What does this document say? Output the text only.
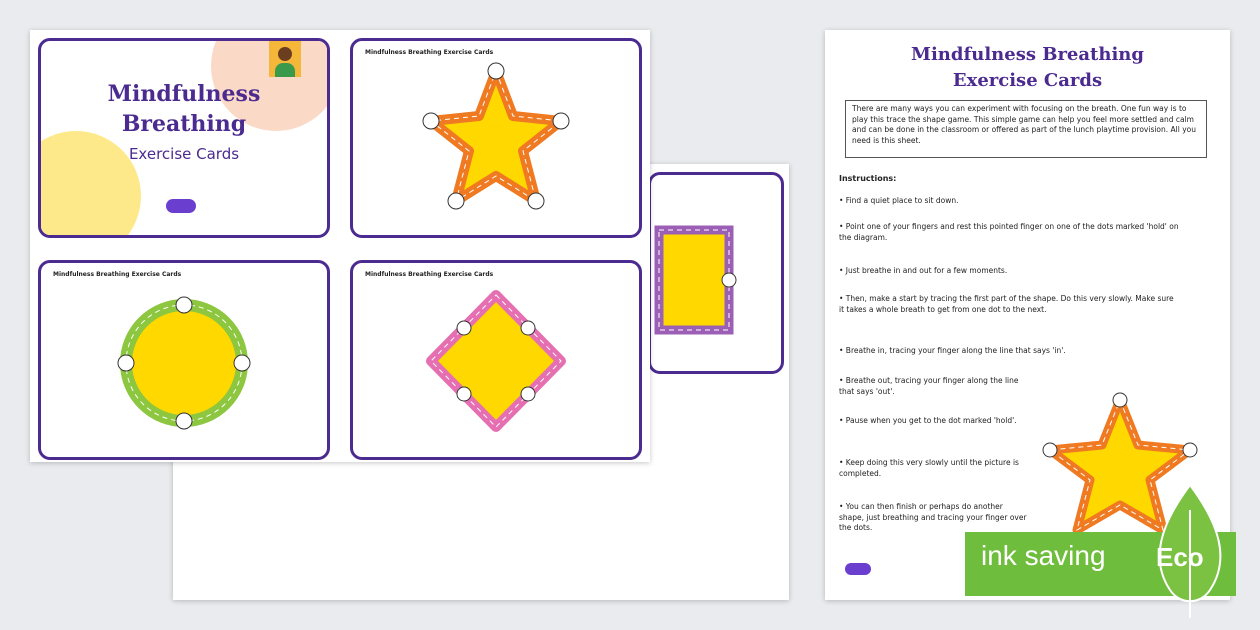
Mindfulness
Breathing
Exercise Cards
Mindfulness Breathing Exercise Cards
Mindfulness Breathing Exercise Cards	Mindfulness Breathing Exercise Cards
Mindfulness Breathing
Exercise Cards
There are many ways you can experiment with focusing on the breath. One fun way is to play this trace the shape game. This simple game can help you feel more settled and calm and can be done in the classroom or offered as part of the lunch playtime provision. All you need is this sheet.
Instructions:
• Find a quiet place to sit down.
• Point one of your fingers and rest this pointed finger on one of the dots marked 'hold' on the diagram.
• Just breathe in and out for a few moments.
• Then, make a start by tracing the first part of the shape. Do this very slowly. Make sure it takes a whole breath to get from one dot to the next.
• Breathe in, tracing your finger along the line that says 'in'.
• Breathe out, tracing your finger along the line that says 'out'.
• Pause when you get to the dot marked 'hold'.
• Keep doing this very slowly until the picture is completed.
• You can then finish or perhaps do another shape, just breathing and tracing your finger over the dots.
ink saving Eco
